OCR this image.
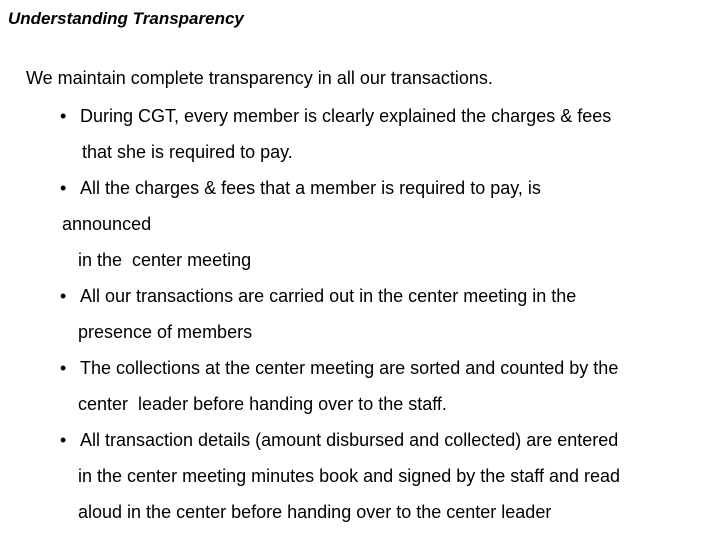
Understanding Transparency
We maintain complete transparency in all our transactions.
• During CGT, every member is clearly explained the charges & fees
that she is required to pay.
• All the charges & fees that a member is required to pay, is
announced
in the  center meeting
• All our transactions are carried out in the center meeting in the
presence of members
• The collections at the center meeting are sorted and counted by the
center  leader before handing over to the staff.
• All transaction details (amount disbursed and collected) are entered
in the center meeting minutes book and signed by the staff and read
aloud in the center before handing over to the center leader
